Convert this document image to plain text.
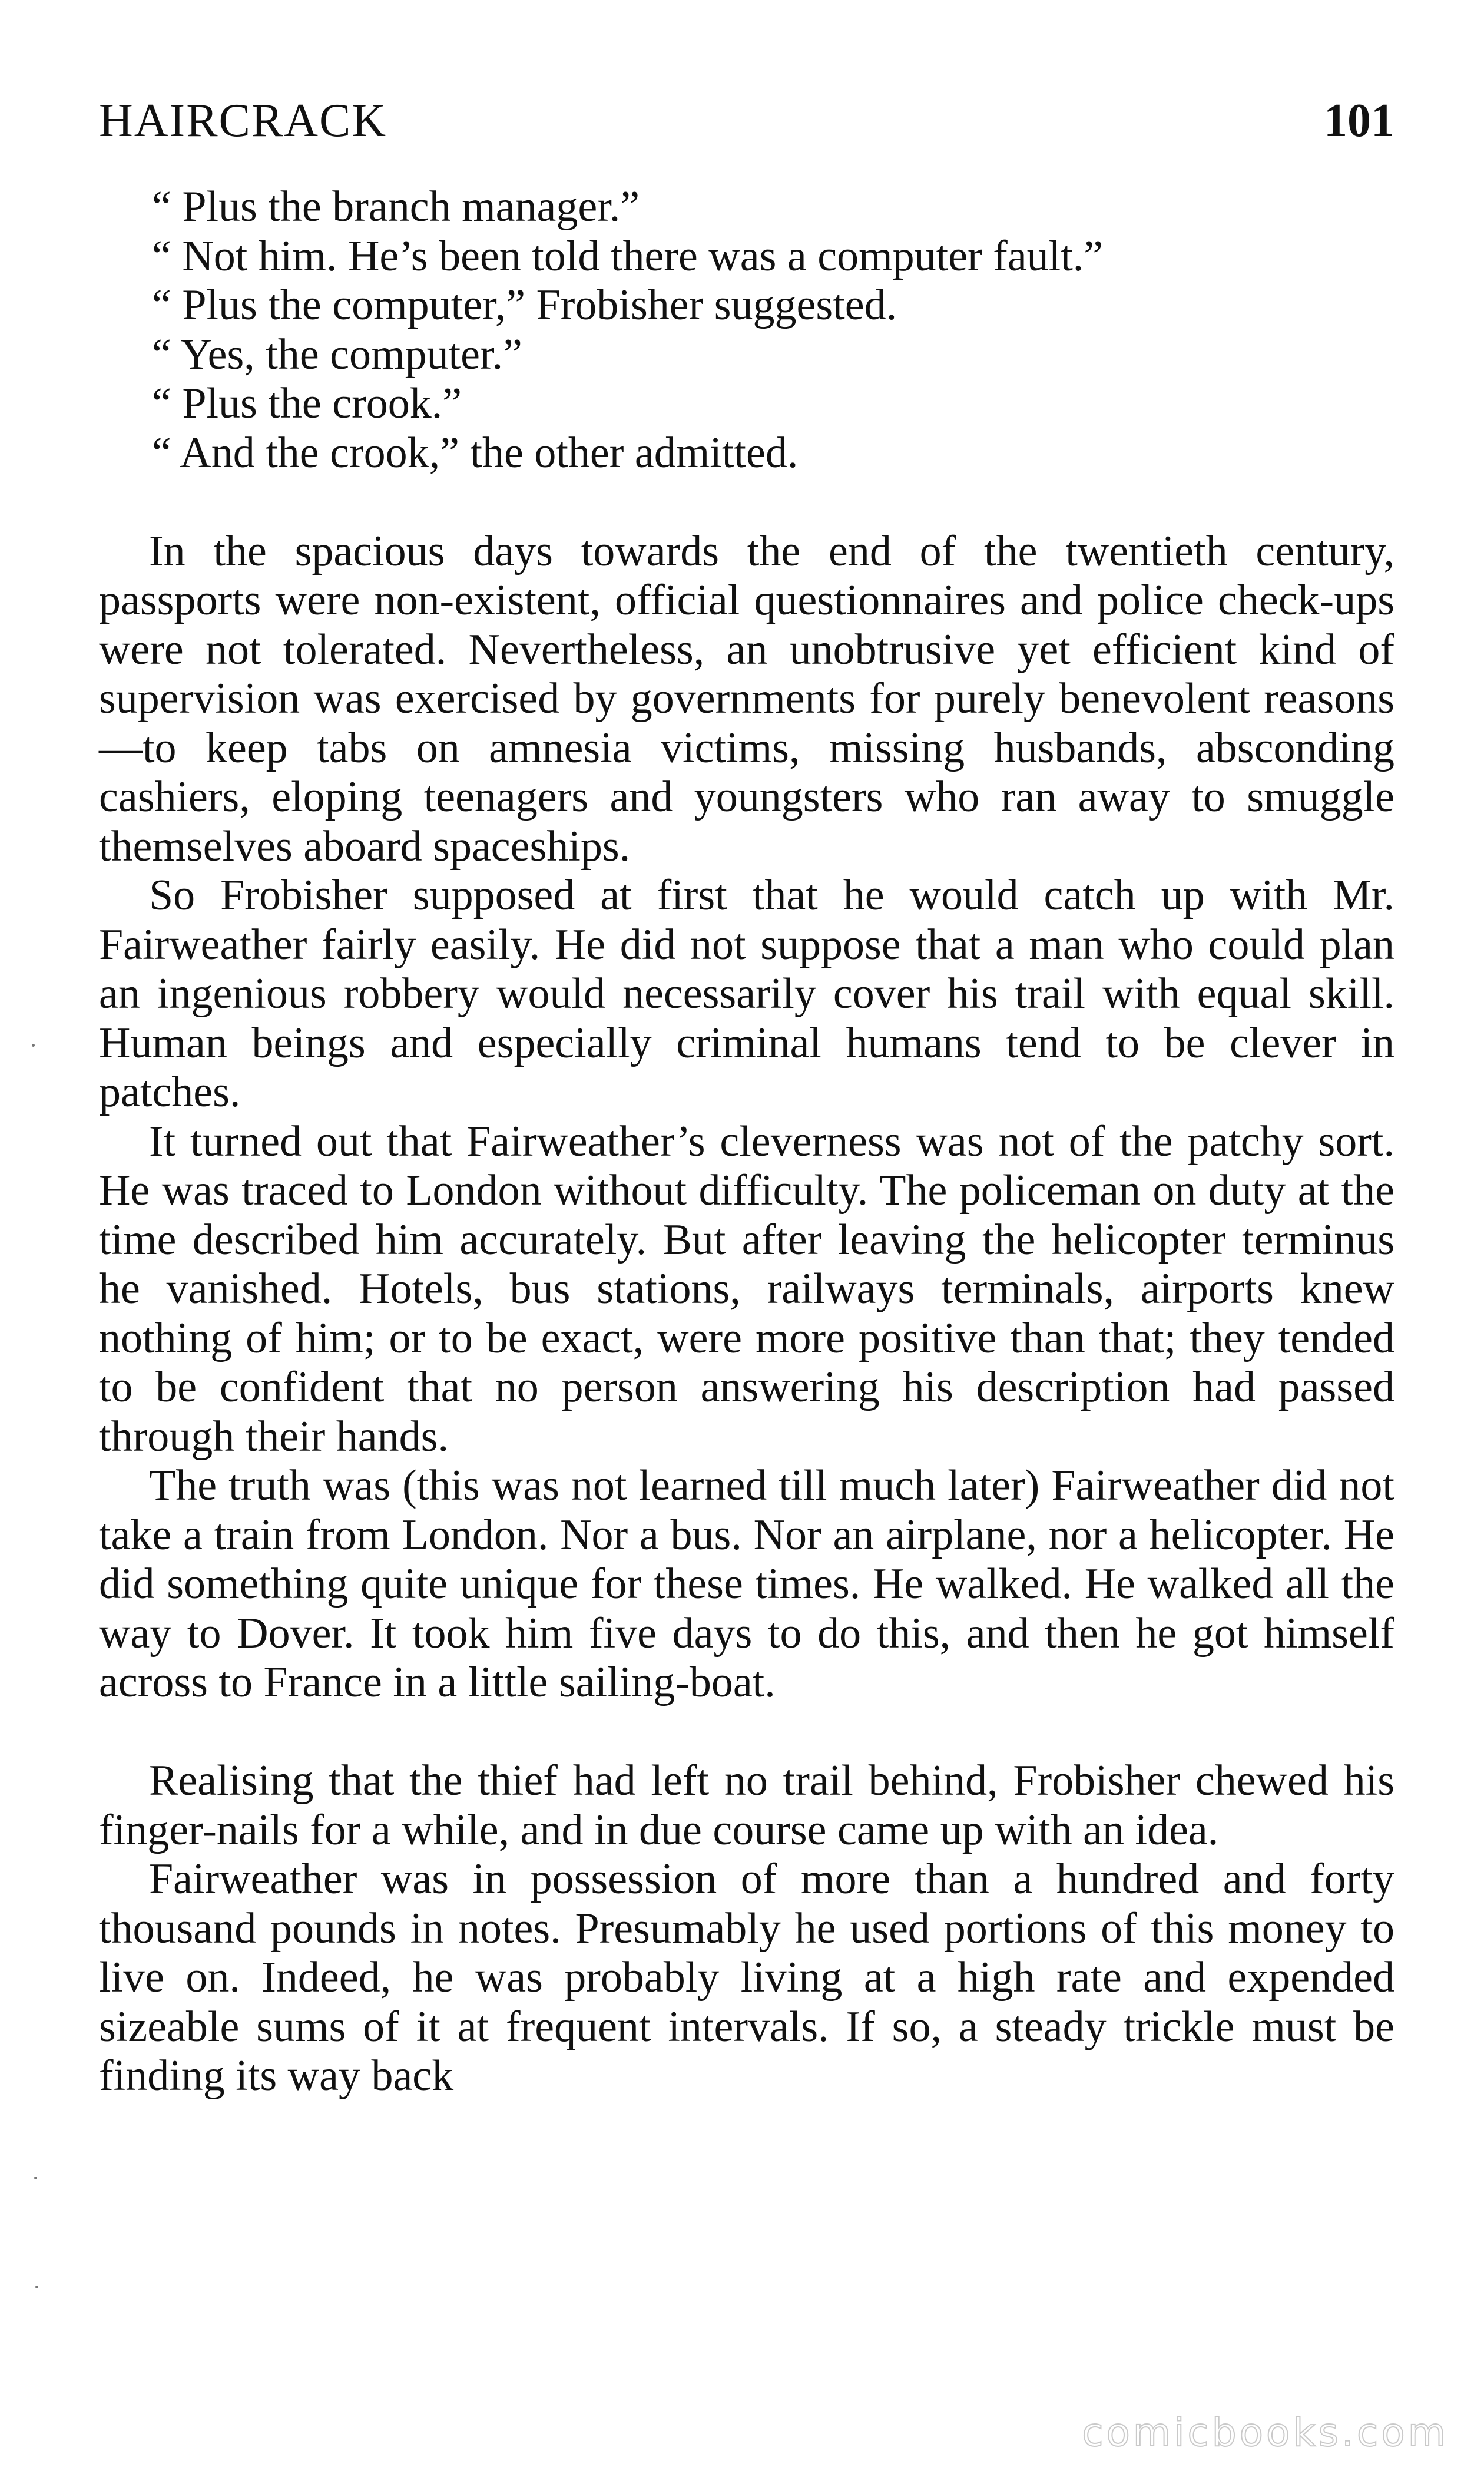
HAIRCRACK	101
“ Plus the branch manager.”
“ Not him. He’s been told there was a computer fault.”
“ Plus the computer,” Frobisher suggested.
“ Yes, the computer.”
“ Plus the crook.”
“ And the crook,” the other admitted.

In the spacious days towards the end of the twentieth century, passports were non-existent, official questionnaires and police check-ups were not tolerated. Nevertheless, an unobtrusive yet efficient kind of supervision was exercised by governments for purely benevolent reasons—to keep tabs on amnesia victims, missing husbands, absconding cashiers, eloping teenagers and youngsters who ran away to smuggle themselves aboard spaceships.

So Frobisher supposed at first that he would catch up with Mr. Fairweather fairly easily. He did not suppose that a man who could plan an ingenious robbery would necessarily cover his trail with equal skill. Human beings and especially criminal humans tend to be clever in patches.

It turned out that Fairweather’s cleverness was not of the patchy sort. He was traced to London without difficulty. The policeman on duty at the time described him accurately. But after leaving the helicopter terminus he vanished. Hotels, bus stations, railways terminals, airports knew nothing of him; or to be exact, were more positive than that; they tended to be confident that no person answering his description had passed through their hands.

The truth was (this was not learned till much later) Fairweather did not take a train from London. Nor a bus. Nor an airplane, nor a helicopter. He did something quite unique for these times. He walked. He walked all the way to Dover. It took him five days to do this, and then he got himself across to France in a little sailing-boat.

Realising that the thief had left no trail behind, Frobisher chewed his finger-nails for a while, and in due course came up with an idea.

Fairweather was in possession of more than a hundred and forty thousand pounds in notes. Presumably he used portions of this money to live on. Indeed, he was probably living at a high rate and expended sizeable sums of it at frequent intervals. If so, a steady trickle must be finding its way back

comicbooks.com
